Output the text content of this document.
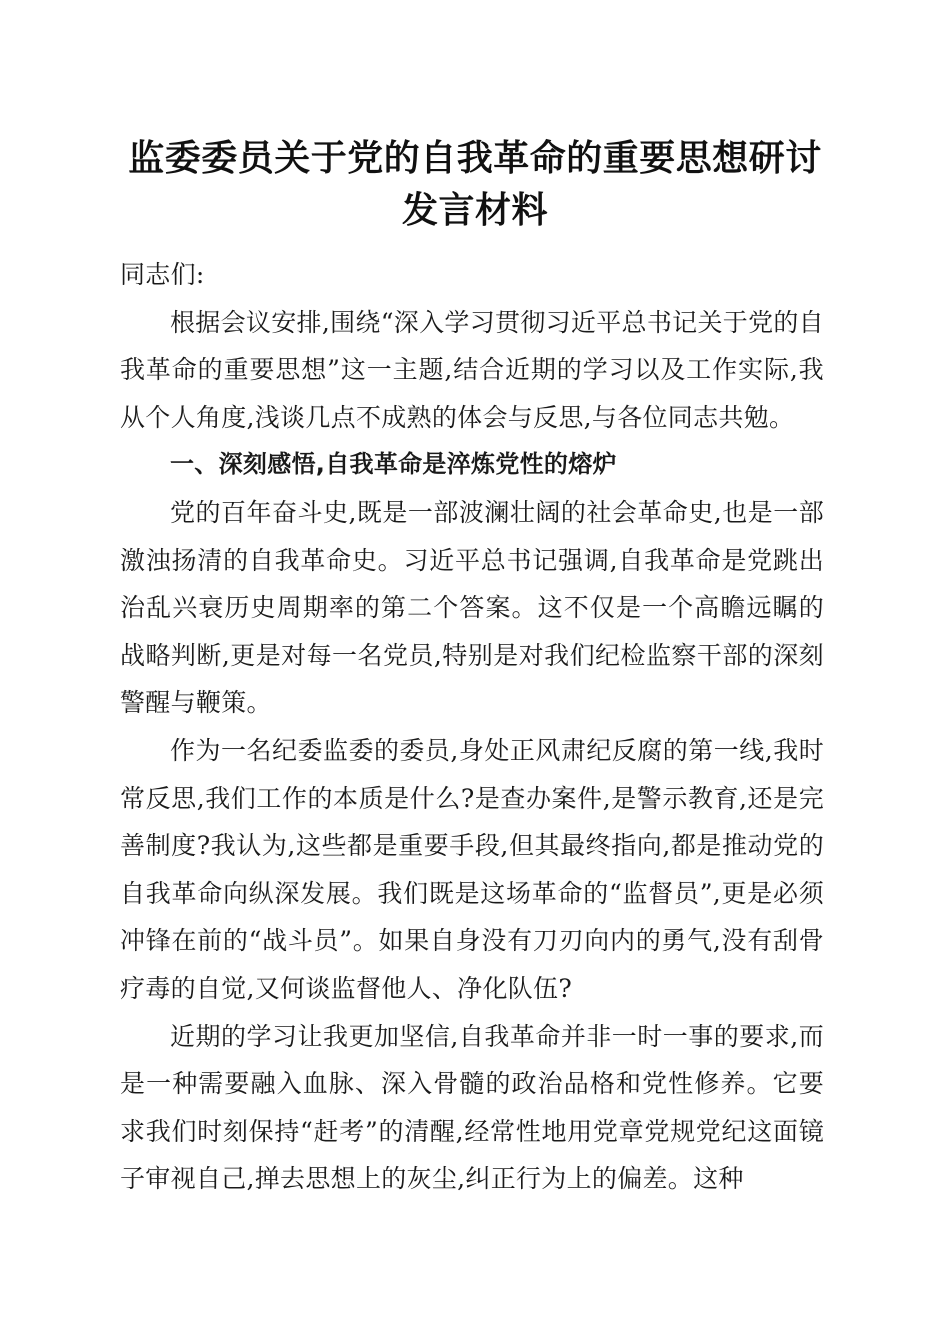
监委委员关于党的自我革命的重要思想研讨发言材料

同志们:

根据会议安排,围绕“深入学习贯彻习近平总书记关于党的自我革命的重要思想”这一主题,结合近期的学习以及工作实际,我从个人角度,浅谈几点不成熟的体会与反思,与各位同志共勉。

一、深刻感悟,自我革命是淬炼党性的熔炉

党的百年奋斗史,既是一部波澜壮阔的社会革命史,也是一部激浊扬清的自我革命史。习近平总书记强调,自我革命是党跳出治乱兴衰历史周期率的第二个答案。这不仅是一个高瞻远瞩的战略判断,更是对每一名党员,特别是对我们纪检监察干部的深刻警醒与鞭策。

作为一名纪委监委的委员,身处正风肃纪反腐的第一线,我时常反思,我们工作的本质是什么?是查办案件,是警示教育,还是完善制度?我认为,这些都是重要手段,但其最终指向,都是推动党的自我革命向纵深发展。我们既是这场革命的“监督员”,更是必须冲锋在前的“战斗员”。如果自身没有刀刃向内的勇气,没有刮骨疗毒的自觉,又何谈监督他人、净化队伍?

近期的学习让我更加坚信,自我革命并非一时一事的要求,而是一种需要融入血脉、深入骨髓的政治品格和党性修养。它要求我们时刻保持“赶考”的清醒,经常性地用党章党规党纪这面镜子审视自己,掸去思想上的灰尘,纠正行为上的偏差。这种
